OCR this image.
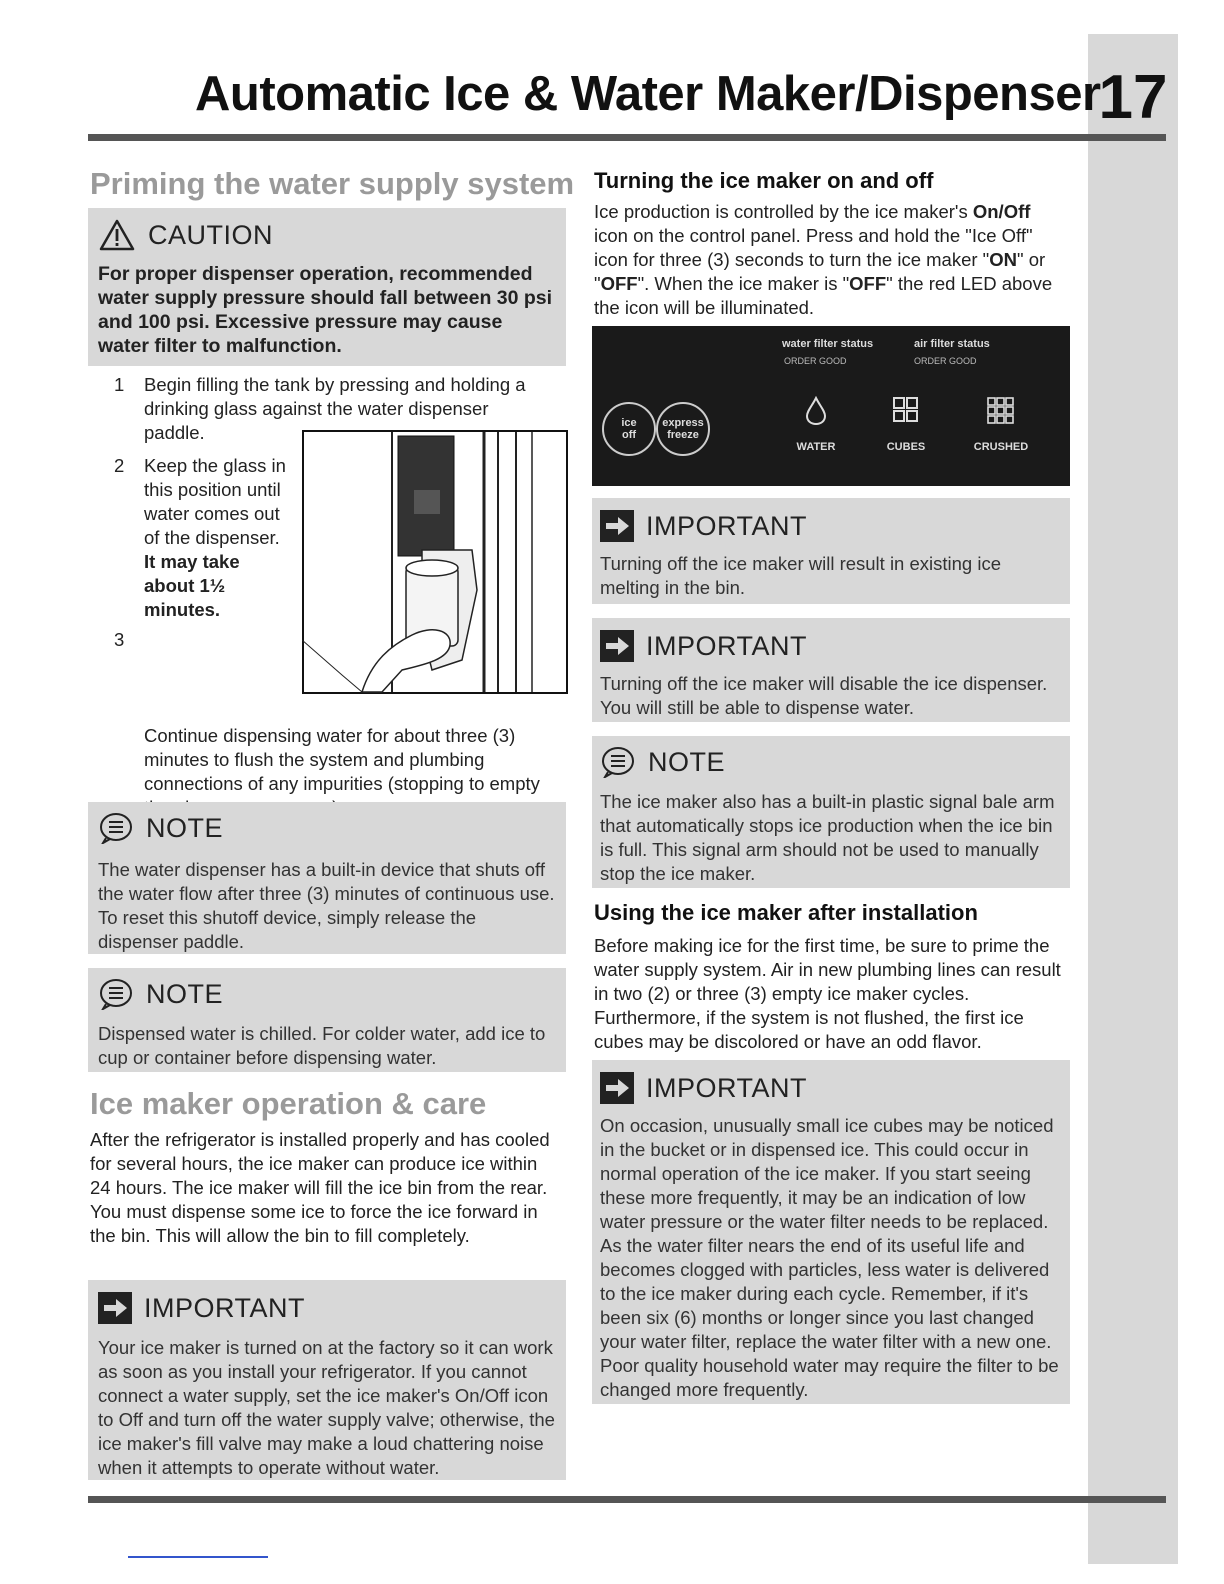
Automatic Ice & Water Maker/Dispenser
17
Priming the water supply system
CAUTION
For proper dispenser operation, recommended water supply pressure should fall between 30 psi and 100 psi. Excessive pressure may cause water filter to malfunction.
1	Begin filling the tank by pressing and holding a drinking glass against the water dispenser paddle.
2	Keep the glass in this position until water comes out of the dispenser. It may take about 1½ minutes.
3
Continue dispensing water for about three (3) minutes to flush the system and plumbing connections of any impurities (stopping to empty
NOTE
The water dispenser has a built-in device that shuts off the water flow after three (3) minutes of continuous use. To reset this shutoff device, simply release the dispenser paddle.
NOTE
Dispensed water is chilled. For colder water, add ice to cup or container before dispensing water.
Ice maker operation & care
After the refrigerator is installed properly and has cooled for several hours, the ice maker can produce ice within 24 hours. The ice maker will fill the ice bin from the rear. You must dispense some ice to force the ice forward in the bin. This will allow the bin to fill completely.
IMPORTANT
Your ice maker is turned on at the factory so it can work as soon as you install your refrigerator. If you cannot connect a water supply, set the ice maker's On/Off icon to Off and turn off the water supply valve; otherwise, the ice maker's fill valve may make a loud chattering noise when it attempts to operate without water.
Turning the ice maker on and off
Ice production is controlled by the ice maker's On/Off icon on the control panel. Press and hold the "Ice Off" icon for three (3) seconds to turn the ice maker "ON" or "OFF". When the ice maker is "OFF" the red LED above the icon will be illuminated.
water filter status	air filter status
ORDER GOOD	ORDER GOOD
ice off
express freeze
WATER	CUBES	CRUSHED
IMPORTANT
Turning off the ice maker will result in existing ice melting in the bin.
IMPORTANT
Turning off the ice maker will disable the ice dispenser. You will still be able to dispense water.
NOTE
The ice maker also has a built-in plastic signal bale arm that automatically stops ice production when the ice bin is full. This signal arm should not be used to manually stop the ice maker.
Using the ice maker after installation
Before making ice for the first time, be sure to prime the water supply system. Air in new plumbing lines can result in two (2) or three (3) empty ice maker cycles. Furthermore, if the system is not flushed, the first ice cubes may be discolored or have an odd flavor.
IMPORTANT
On occasion, unusually small ice cubes may be noticed in the bucket or in dispensed ice. This could occur in normal operation of the ice maker. If you start seeing these more frequently, it may be an indication of low water pressure or the water filter needs to be replaced. As the water filter nears the end of its useful life and becomes clogged with particles, less water is delivered to the ice maker during each cycle. Remember, if it's been six (6) months or longer since you last changed your water filter, replace the water filter with a new one. Poor quality household water may require the filter to be changed more frequently.
